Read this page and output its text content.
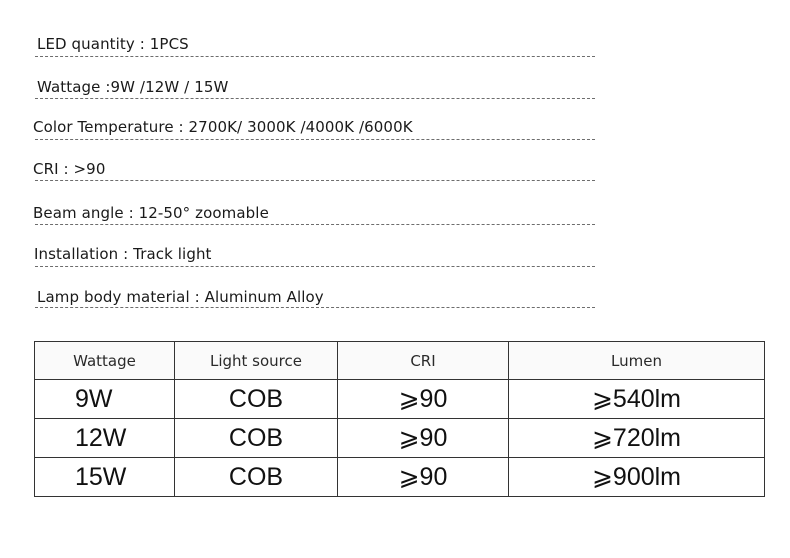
LED quantity : 1PCS
Wattage :9W /12W / 15W
Color Temperature : 2700K/ 3000K /4000K /6000K
CRI : >90
Beam angle : 12-50° zoomable
Installation : Track light
Lamp body material : Aluminum Alloy
Wattage	Light source	CRI	Lumen
9W	COB	⩾90	⩾540lm
12W	COB	⩾90	⩾720lm
15W	COB	⩾90	⩾900lm
